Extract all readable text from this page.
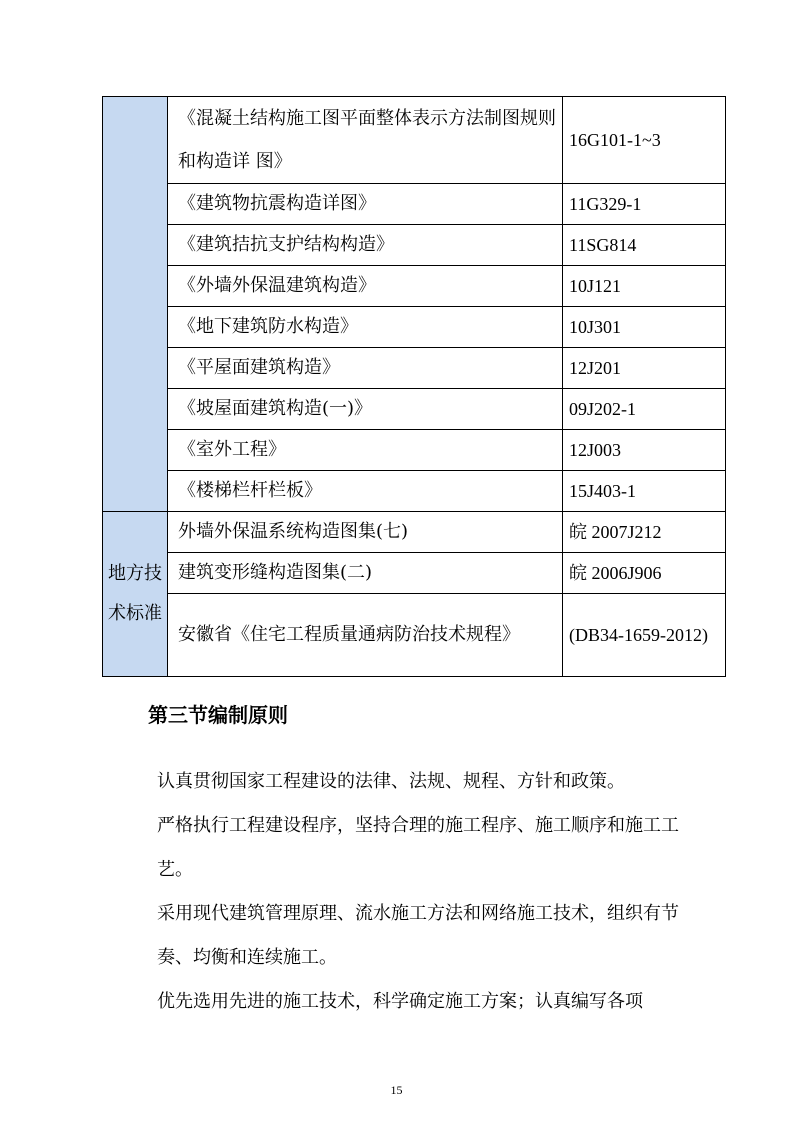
	《混凝土结构施工图平面整体表示方法制图规则和构造详 图》	16G101-1~3
	《建筑物抗震构造详图》	11G329-1
	《建筑拮抗支护结构构造》	11SG814
	《外墙外保温建筑构造》	10J121
	《地下建筑防水构造》	10J301
	《平屋面建筑构造》	12J201
	《坡屋面建筑构造(一)》	09J202-1
	《室外工程》	12J003
	《楼梯栏杆栏板》	15J403-1

地方技术标准	外墙外保温系统构造图集(七)	皖 2007J212
	建筑变形缝构造图集(二)	皖 2006J906
	安徽省《住宅工程质量通病防治技术规程》	(DB34-1659-2012)
第三节编制原则
认真贯彻国家工程建设的法律、法规、规程、方针和政策。
严格执行工程建设程序，坚持合理的施工程序、施工顺序和施工工艺。
采用现代建筑管理原理、流水施工方法和网络施工技术，组织有节奏、均衡和连续施工。
优先选用先进的施工技术，科学确定施工方案；认真编写各项
15
